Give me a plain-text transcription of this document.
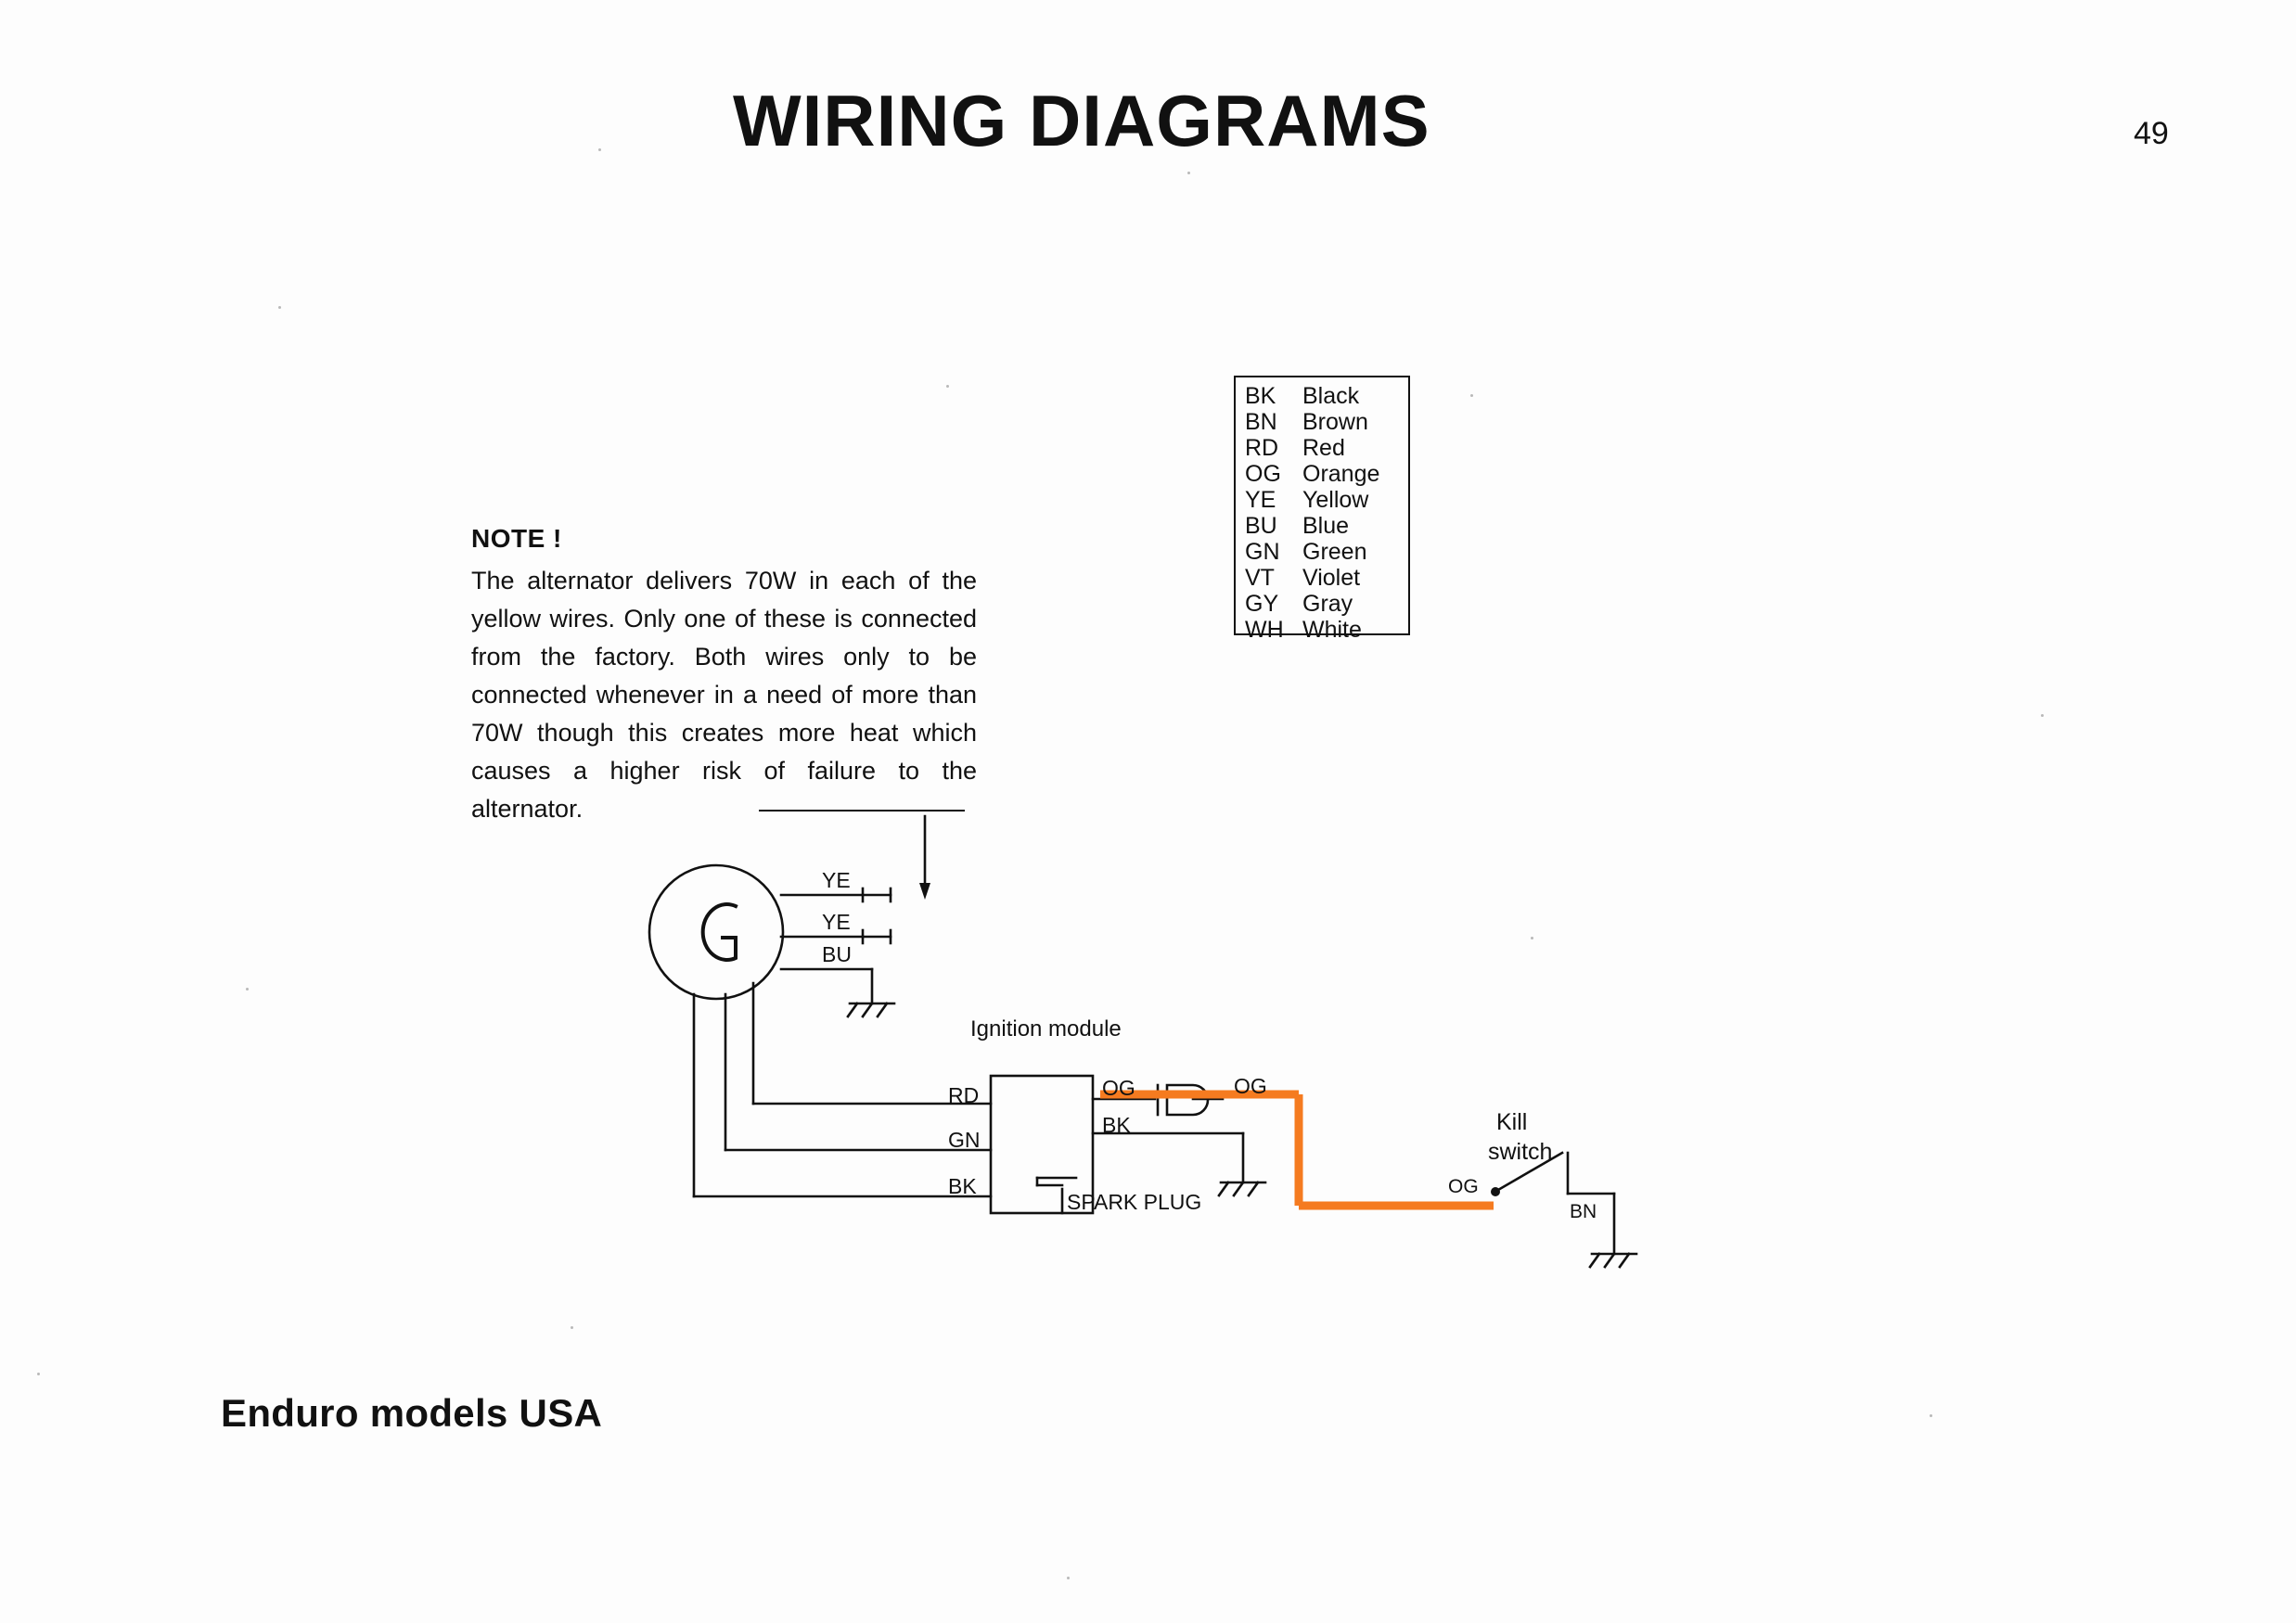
WIRING DIAGRAMS	49
NOTE !
The alternator delivers 70W in each of the yellow wires. Only one of these is connected from the factory. Both wires only to be connected whenever in a need of more than 70W though this creates more heat which causes a higher risk of failure to the alternator.
BK	Black
BN	Brown
RD	Red
OG Orange
YE	Yellow
BU	Blue
GN Green
VT	Violet
GY	Gray
WH White
YE
YE
BU
Ignition module
RD
GN
BK
OG
BK
OG
SPARK PLUG
Kill
switch
OG
BN
Enduro models USA
